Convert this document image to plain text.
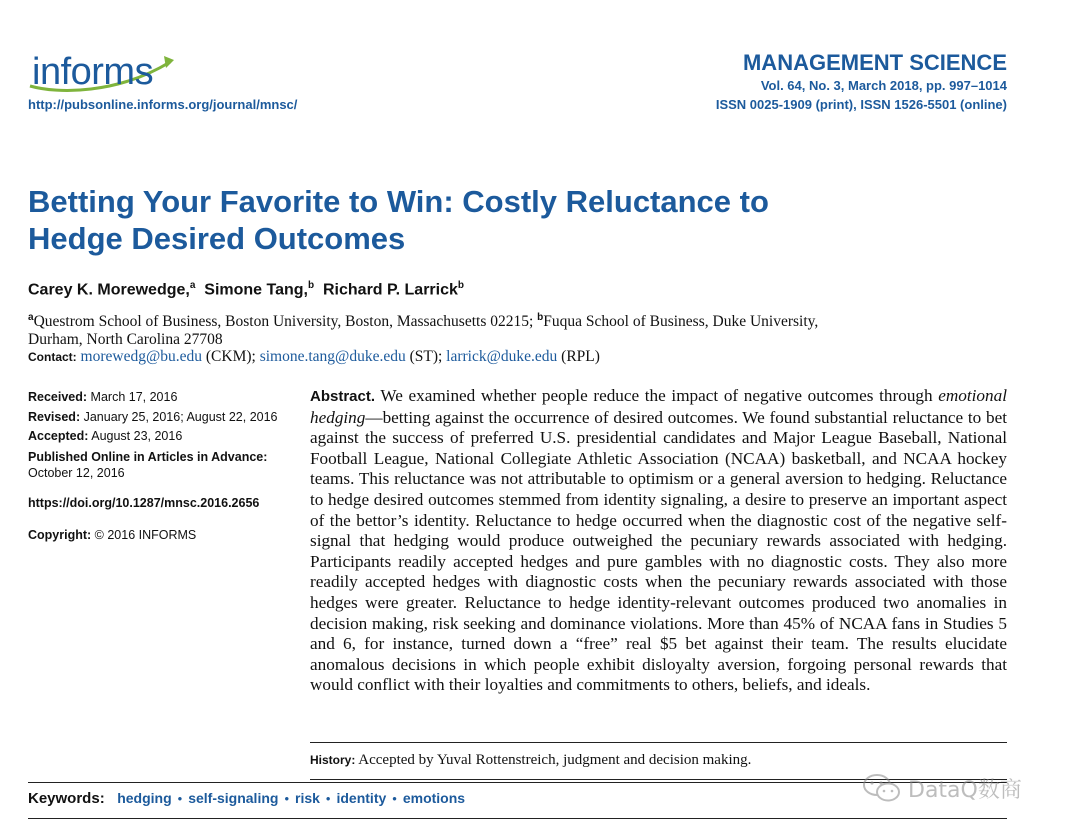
informs
http://pubsonline.informs.org/journal/mnsc/
MANAGEMENT SCIENCE
Vol. 64, No. 3, March 2018, pp. 997–1014
ISSN 0025-1909 (print), ISSN 1526-5501 (online)
Betting Your Favorite to Win: Costly Reluctance to
Hedge Desired Outcomes
Carey K. Morewedge,$^a$ Simone Tang,$^b$ Richard P. Larrick$^b$
$^a$Questrom School of Business, Boston University, Boston, Massachusetts 02215; $^b$Fuqua School of Business, Duke University,
Durham, North Carolina 27708
Contact: morewedg@bu.edu (CKM); simone.tang@duke.edu (ST); larrick@duke.edu (RPL)
Received: March 17, 2016
Revised: January 25, 2016; August 22, 2016
Accepted: August 23, 2016
Published Online in Articles in Advance:
October 12, 2016
https://doi.org/10.1287/mnsc.2016.2656
Copyright: © 2016 INFORMS
Abstract. We examined whether people reduce the impact of negative outcomes through emotional hedging—betting against the occurrence of desired outcomes. We found substantial reluctance to bet against the success of preferred U.S. presidential candidates and Major League Baseball, National Football League, National Collegiate Athletic Association (NCAA) basketball, and NCAA hockey teams. This reluctance was not attributable to optimism or a general aversion to hedging. Reluctance to hedge desired outcomes stemmed from identity signaling, a desire to preserve an important aspect of the bettor’s identity. Reluctance to hedge occurred when the diagnostic cost of the negative self-signal that hedging would produce outweighed the pecuniary rewards associated with hedging. Participants readily accepted hedges and pure gambles with no diagnostic costs. They also more readily accepted hedges with diagnostic costs when the pecuniary rewards associated with those hedges were greater. Reluctance to hedge identity-relevant outcomes produced two anomalies in decision making, risk seeking and dominance violations. More than 45% of NCAA fans in Studies 5 and 6, for instance, turned down a “free” real $5 bet against their team. The results elucidate anomalous decisions in which people exhibit disloyalty aversion, forgoing personal rewards that would conflict with their loyalties and commitments to others, beliefs, and ideals.
History: Accepted by Yuval Rottenstreich, judgment and decision making.
Keywords: hedging • self-signaling • risk • identity • emotions	DataQ数商
